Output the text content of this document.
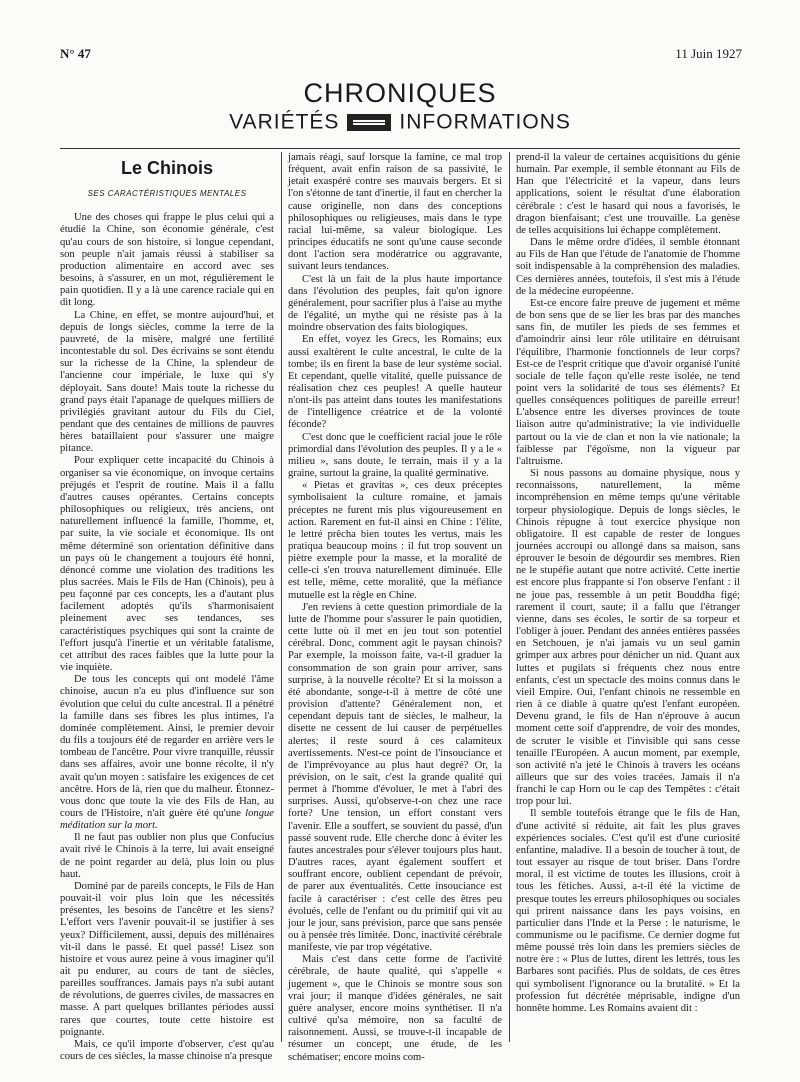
N° 47	11 Juin 1927
CHRONIQUES
VARIÉTÉS	INFORMATIONS
Le Chinois
SES CARACTÉRISTIQUES MENTALES

Une des choses qui frappe le plus celui qui a étudié la Chine, son économie générale, c'est qu'au cours de son histoire, si longue cependant, son peuple n'ait jamais réussi à stabiliser sa production alimentaire en accord avec ses besoins, à s'assurer, en un mot, régulièrement le pain quotidien. Il y a là une carence raciale qui en dit long.

La Chine, en effet, se montre aujourd'hui, et depuis de longs siècles, comme la terre de la pauvreté, de la misère, malgré une fertilité incontestable du sol. Des écrivains se sont étendu sur la richesse de la Chine, la splendeur de l'ancienne cour impériale, le luxe qui s'y déployait. Sans doute! Mais toute la richesse du grand pays était l'apanage de quelques milliers de privilégiés gravitant autour du Fils du Ciel, pendant que des centaines de millions de pauvres hères bataillaient pour s'assurer une maigre pitance.

Pour expliquer cette incapacité du Chinois à organiser sa vie économique, on invoque certains préjugés et l'esprit de routine. Mais il a fallu d'autres causes opérantes. Certains concepts philosophiques ou religieux, très anciens, ont naturellement influencé la famille, l'homme, et, par suite, la vie sociale et économique. Ils ont même déterminé son orientation définitive dans un pays où le changement a toujours été honni, dénoncé comme une violation des traditions les plus sacrées. Mais le Fils de Han (Chinois), peu à peu façonné par ces concepts, les a d'autant plus facilement adoptés qu'ils s'harmonisaient pleinement avec ses tendances, ses caractéristiques psychiques qui sont la crainte de l'effort jusqu'à l'inertie et un véritable fatalisme, cet attribut des races faibles que la lutte pour la vie inquiète.

De tous les concepts qui ont modelé l'âme chinoise, aucun n'a eu plus d'influence sur son évolution que celui du culte ancestral. Il a pénétré la famille dans ses fibres les plus intimes, l'a dominée complètement. Ainsi, le premier devoir du fils a toujours été de regarder en arrière vers le tombeau de l'ancêtre. Pour vivre tranquille, réussir dans ses affaires, avoir une bonne récolte, il n'y avait qu'un moyen : satisfaire les exigences de cet ancêtre. Hors de là, rien que du malheur. Étonnez-vous donc que toute la vie des Fils de Han, au cours de l'Histoire, n'ait guère été qu'une longue méditation sur la mort.

Il ne faut pas oublier non plus que Confucius avait rivé le Chinois à la terre, lui avait enseigné de ne point regarder au delà, plus loin ou plus haut.

Dominé par de pareils concepts, le Fils de Han pouvait-il voir plus loin que les nécessités présentes, les besoins de l'ancêtre et les siens? L'effort vers l'avenir pouvait-il se justifier à ses yeux? Difficilement, aussi, depuis des millénaires vit-il dans le passé. Et quel passé! Lisez son histoire et vous aurez peine à vous imaginer qu'il ait pu endurer, au cours de tant de siècles, pareilles souffrances. Jamais pays n'a subi autant de révolutions, de guerres civiles, de massacres en masse. A part quelques brillantes périodes aussi rares que courtes, toute cette histoire est poignante.

Mais, ce qu'il importe d'observer, c'est qu'au cours de ces siècles, la masse chinoise n'a presque

jamais réagi, sauf lorsque la famine, ce mal trop fréquent, avait enfin raison de sa passivité, le jetait exaspéré contre ses mauvais bergers. Et si l'on s'étonne de tant d'inertie, il faut en chercher la cause originelle, non dans des conceptions philosophiques ou religieuses, mais dans le type racial lui-même, sa valeur biologique. Les principes éducatifs ne sont qu'une cause seconde dont l'action sera modératrice ou aggravante, suivant leurs tendances.

C'est là un fait de la plus haute importance dans l'évolution des peuples, fait qu'on ignore généralement, pour sacrifier plus à l'aise au mythe de l'égalité, un mythe qui ne résiste pas à la moindre observation des faits biologiques.

En effet, voyez les Grecs, les Romains; eux aussi exaltèrent le culte ancestral, le culte de la tombe; ils en firent la base de leur système social. Et cependant, quelle vitalité, quelle puissance de réalisation chez ces peuples! A quelle hauteur n'ont-ils pas atteint dans toutes les manifestations de l'intelligence créatrice et de la volonté féconde?

C'est donc que le coefficient racial joue le rôle primordial dans l'évolution des peuples. Il y a le « milieu », sans doute, le terrain, mais il y a la graine, surtout la graine, la qualité germinative.

« Pietas et gravitas », ces deux préceptes symbolisaient la culture romaine, et jamais préceptes ne furent mis plus vigoureusement en action. Rarement en fut-il ainsi en Chine : l'élite, le lettré prêcha bien toutes les vertus, mais les pratiqua beaucoup moins : il fut trop souvent un piètre exemple pour la masse, et la moralité de celle-ci s'en trouva naturellement diminuée. Elle est telle, même, cette moralité, que la méfiance mutuelle est la règle en Chine.

J'en reviens à cette question primordiale de la lutte de l'homme pour s'assurer le pain quotidien, cette lutte où il met en jeu tout son potentiel cérébral. Donc, comment agit le paysan chinois? Par exemple, la moisson faite, va-t-il graduer la consommation de son grain pour arriver, sans surprise, à la nouvelle récolte? Et si la moisson a été abondante, songe-t-il à mettre de côté une provision d'attente? Généralement non, et cependant depuis tant de siècles, le malheur, la disette ne cessent de lui causer de perpétuelles alertes; il reste sourd à ces calamiteux avertissements. N'est-ce point de l'insouciance et de l'imprévoyance au plus haut degré? Or, la prévision, on le sait, c'est la grande qualité qui permet à l'homme d'évoluer, le met à l'abri des surprises. Aussi, qu'observe-t-on chez une race forte? Une tension, un effort constant vers l'avenir. Elle a souffert, se souvient du passé, d'un passé souvent rude. Elle cherche donc à éviter les fautes ancestrales pour s'élever toujours plus haut. D'autres races, ayant également souffert et souffrant encore, oublient cependant de prévoir, de parer aux éventualités. Cette insouciance est facile à caractériser : c'est celle des êtres peu évolués, celle de l'enfant ou du primitif qui vit au jour le jour, sans prévision, parce que sans pensée ou à pensée très limitée. Donc, inactivité cérébrale manifeste, vie par trop végétative.

Mais c'est dans cette forme de l'activité cérébrale, de haute qualité, qui s'appelle « jugement », que le Chinois se montre sous son vrai jour; il manque d'idées générales, ne sait guère analyser, encore moins synthétiser. Il n'a cultivé qu'sa mémoire, non sa faculté de raisonnement. Aussi, se trouve-t-il incapable de résumer un concept, une étude, de les schématiser; encore moins com-

prend-il la valeur de certaines acquisitions du génie humain. Par exemple, il semble étonnant au Fils de Han que l'électricité et la vapeur, dans leurs applications, soient le résultat d'une élaboration cérébrale : c'est le hasard qui nous a favorisés, le dragon bienfaisant; c'est une trouvaille. La genèse de telles acquisitions lui échappe complètement.

Dans le même ordre d'idées, il semble étonnant au Fils de Han que l'étude de l'anatomie de l'homme soit indispensable à la compréhension des maladies. Ces dernières années, toutefois, il s'est mis à l'étude de la médecine européenne.

Est-ce encore faire preuve de jugement et même de bon sens que de se lier les bras par des manches sans fin, de mutiler les pieds de ses femmes et d'amoindrir ainsi leur rôle utilitaire en détruisant l'équilibre, l'harmonie fonctionnels de leur corps? Est-ce de l'esprit critique que d'avoir organisé l'unité sociale de telle façon qu'elle reste isolée, ne tend point vers la solidarité de tous ses éléments? Et quelles conséquences politiques de pareille erreur! L'absence entre les diverses provinces de toute liaison autre qu'administrative; la vie individuelle partout ou la vie de clan et non la vie nationale; la faiblesse par l'égoïsme, non la vigueur par l'altruisme.

Si nous passons au domaine physique, nous y reconnaissons, naturellement, la même incompréhension en même temps qu'une véritable torpeur physiologique. Depuis de longs siècles, le Chinois répugne à tout exercice physique non obligatoire. Il est capable de rester de longues journées accroupi ou allongé dans sa maison, sans éprouver le besoin de dégourdir ses membres. Rien ne le stupéfie autant que notre activité. Cette inertie est encore plus frappante si l'on observe l'enfant : il ne joue pas, ressemble à un petit Bouddha figé; rarement il court, saute; il a fallu que l'étranger vienne, dans ses écoles, le sortir de sa torpeur et l'obliger à jouer. Pendant des années entières passées en Setchouen, je n'ai jamais vu un seul gamin grimper aux arbres pour dénicher un nid. Quant aux luttes et pugilats si fréquents chez nous entre enfants, c'est un spectacle des moins connus dans le vieil Empire. Oui, l'enfant chinois ne ressemble en rien à ce diable à quatre qu'est l'enfant européen. Devenu grand, le fils de Han n'éprouve à aucun moment cette soif d'apprendre, de voir des mondes, de scruter le visible et l'invisible qui sans cesse tenaille l'Européen. A aucun moment, par exemple, son activité n'a jeté le Chinois à travers les océans ailleurs que sur des voies tracées. Jamais il n'a franchi le cap Horn ou le cap des Tempêtes : c'était trop pour lui.

Il semble toutefois étrange que le fils de Han, d'une activité si réduite, ait fait les plus graves expériences sociales. C'est qu'il est d'une curiosité enfantine, maladive. Il a besoin de toucher à tout, de tout essayer au risque de tout briser. Dans l'ordre moral, il est victime de toutes les illusions, croit à tous les fétiches. Aussi, a-t-il été la victime de presque toutes les erreurs philosophiques ou sociales qui prirent naissance dans les pays voisins, en particulier dans l'Inde et la Perse : le naturisme, le communisme ou le pacifisme. Ce dernier dogme fut même poussé très loin dans les premiers siècles de notre ère : « Plus de luttes, dirent les lettrés, tous les Barbares sont pacifiés. Plus de soldats, de ces êtres qui symbolisent l'ignorance ou la brutalité. » Et la profession fut décrétée méprisable, indigne d'un honnête homme. Les Romains avaient dit :
